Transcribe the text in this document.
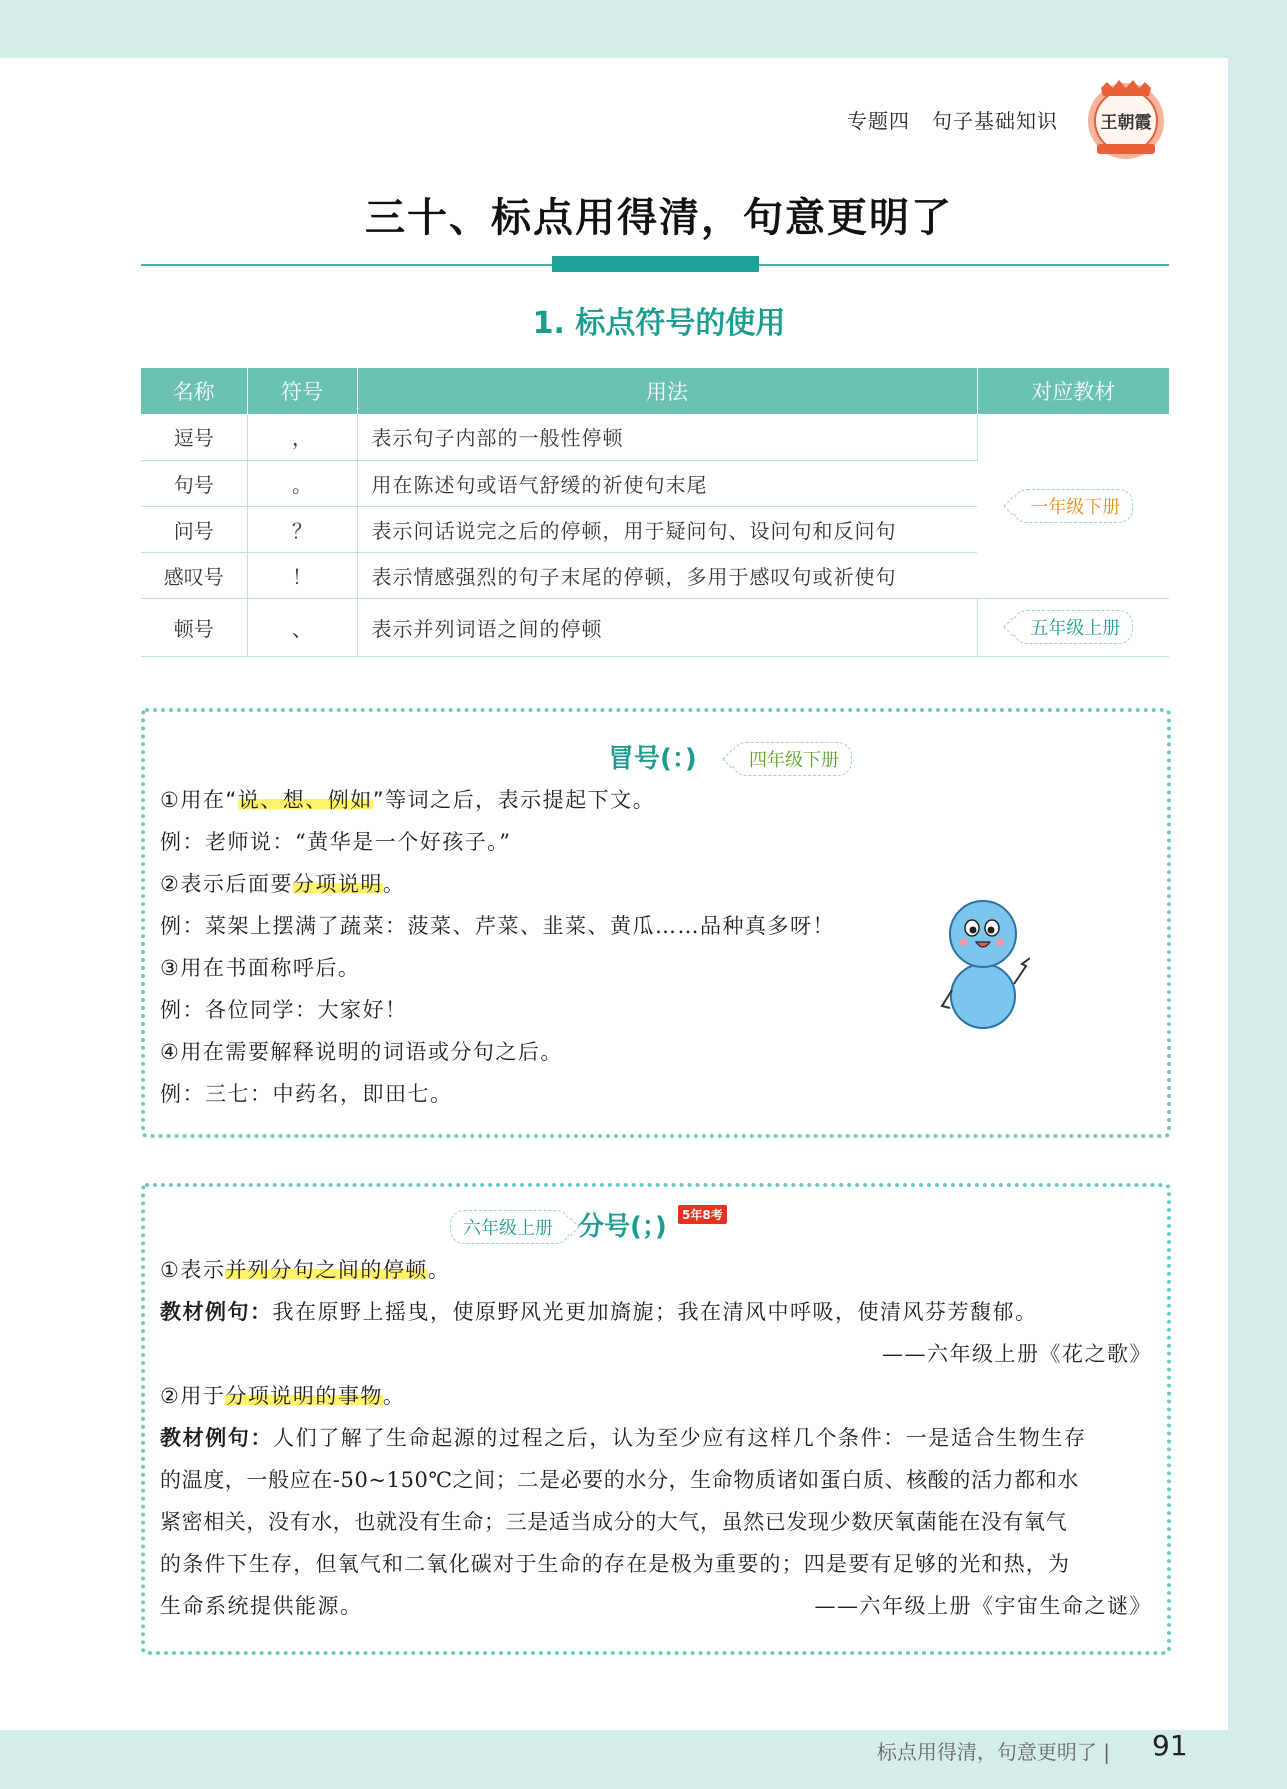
专题四 句子基础知识	王朝霞
三十、标点用得清，句意更明了
1. 标点符号的使用
名称	符号	用法	对应教材
逗号	，	表示句子内部的一般性停顿	一年级下册
句号	。	用在陈述句或语气舒缓的祈使句末尾	
问号	？	表示问话说完之后的停顿，用于疑问句、设问句和反问句	
感叹号	！	表示情感强烈的句子末尾的停顿，多用于感叹句或祈使句	
顿号	、	表示并列词语之间的停顿	五年级上册
冒号(：)	四年级下册
①用在“说、想、例如”等词之后，表示提起下文。
例：老师说：“黄华是一个好孩子。”
②表示后面要分项说明。
例：菜架上摆满了蔬菜：菠菜、芹菜、韭菜、黄瓜……品种真多呀！
③用在书面称呼后。
例：各位同学：大家好！
④用在需要解释说明的词语或分句之后。
例：三七：中药名，即田七。
六年级上册 分号(；)	5年8考
①表示并列分句之间的停顿。
教材例句：我在原野上摇曳，使原野风光更加旖旎；我在清风中呼吸，使清风芬芳馥郁。
——六年级上册《花之歌》
②用于分项说明的事物。
教材例句：人们了解了生命起源的过程之后，认为至少应有这样几个条件：一是适合生物生存
的温度，一般应在-50~150℃之间；二是必要的水分，生命物质诸如蛋白质、核酸的活力都和水
紧密相关，没有水，也就没有生命；三是适当成分的大气，虽然已发现少数厌氧菌能在没有氧气
的条件下生存，但氧气和二氧化碳对于生命的存在是极为重要的；四是要有足够的光和热，为
生命系统提供能源。	——六年级上册《宇宙生命之谜》
标点用得清，句意更明了 | 91
